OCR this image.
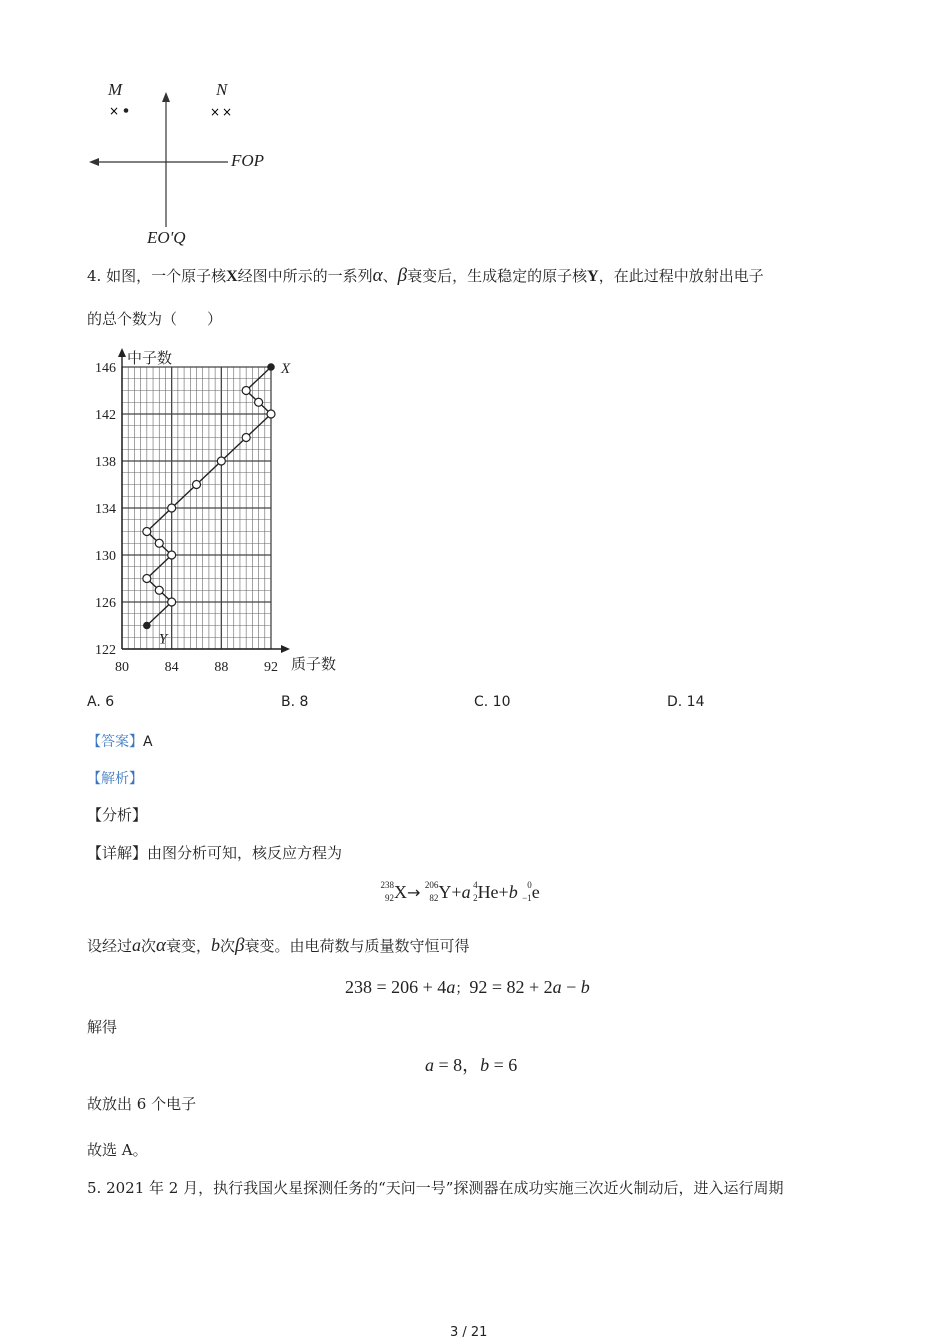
×	× ×
M	N
FOP
EO'Q
4. 如图，一个原子核X经图中所示的一系列α、β衰变后，生成稳定的原子核Y，在此过程中放射出电子
的总个数为（　　）
122
126
130
134
138
142
146
80	84	88	92
中子数
质子数
X
Y
A. 6	B. 8	C. 10	D. 14
【答案】A
【解析】
【分析】
【详解】由图分析可知，核反应方程为
238
92 X→ 206
82 Y+a 4
2 He+b 0
−1 e
设经过a次α衰变，b次β衰变。由电荷数与质量数守恒可得
238 = 206 + 4a；92 = 82 + 2a − b
解得
a = 8，b = 6
故放出 6 个电子
故选 A。
5. 2021 年 2 月，执行我国火星探测任务的“天问一号”探测器在成功实施三次近火制动后，进入运行周期
3 / 21
